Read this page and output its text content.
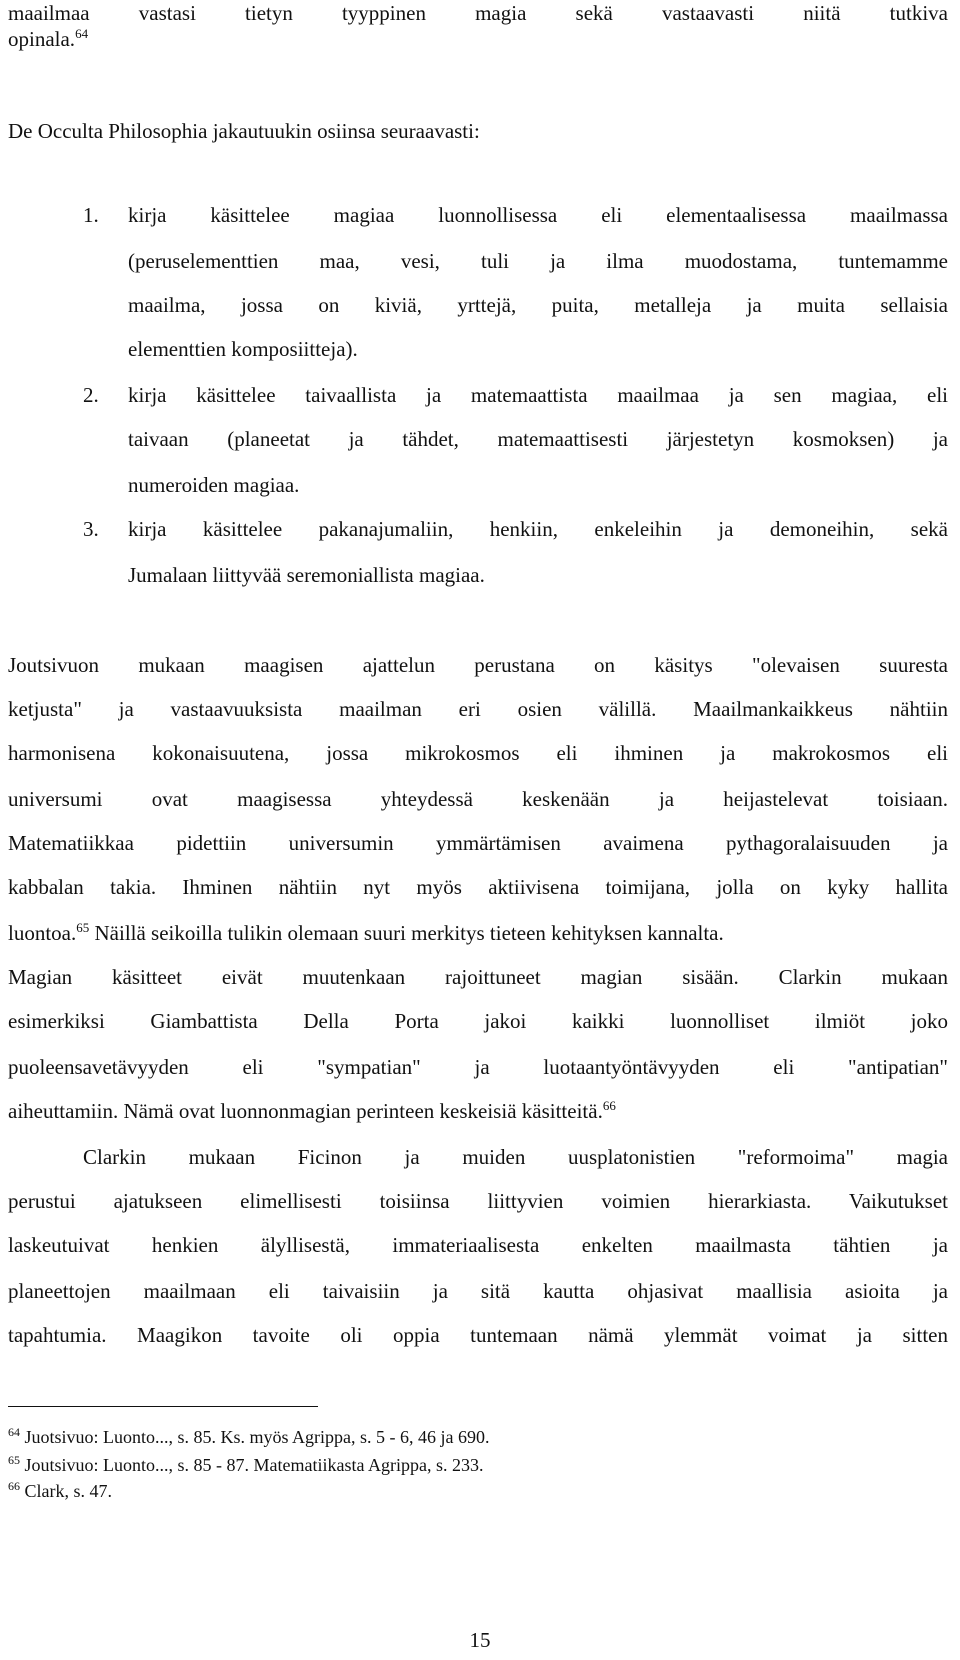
maailmaa vastasi tietyn tyyppinen magia sekä vastaavasti niitä tutkiva
opinala.$^{64}$
De Occulta Philosophia jakautuukin osiinsa seuraavasti:
1. kirja käsittelee magiaa luonnollisessa eli elementaalisessa maailmassa
(peruselementtien maa, vesi, tuli ja ilma muodostama, tuntemamme
maailma, jossa on kiviä, yrttejä, puita, metalleja ja muita sellaisia
elementtien komposiitteja).
2. kirja käsittelee taivaallista ja matemaattista maailmaa ja sen magiaa, eli
taivaan (planeetat ja tähdet, matemaattisesti järjestetyn kosmoksen) ja
numeroiden magiaa.
3. kirja käsittelee pakanajumaliin, henkiin, enkeleihin ja demoneihin, sekä
Jumalaan liittyvää seremoniallista magiaa.
Joutsivuon mukaan maagisen ajattelun perustana on käsitys "olevaisen suuresta
ketjusta" ja vastaavuuksista maailman eri osien välillä. Maailmankaikkeus nähtiin
harmonisena kokonaisuutena, jossa mikrokosmos eli ihminen ja makrokosmos eli
universumi ovat maagisessa yhteydessä keskenään ja heijastelevat toisiaan.
Matematiikkaa pidettiin universumin ymmärtämisen avaimena pythagoralaisuuden ja
kabbalan takia. Ihminen nähtiin nyt myös aktiivisena toimijana, jolla on kyky hallita
luontoa.$^{65}$ Näillä seikoilla tulikin olemaan suuri merkitys tieteen kehityksen kannalta.
Magian käsitteet eivät muutenkaan rajoittuneet magian sisään. Clarkin mukaan
esimerkiksi Giambattista Della Porta jakoi kaikki luonnolliset ilmiöt joko
puoleensavetävyyden eli "sympatian" ja luotaantyöntävyyden eli "antipatian"
aiheuttamiin. Nämä ovat luonnonmagian perinteen keskeisiä käsitteitä.$^{66}$
Clarkin mukaan Ficinon ja muiden uusplatonistien "reformoima" magia
perustui ajatukseen elimellisesti toisiinsa liittyvien voimien hierarkiasta. Vaikutukset
laskeutuivat henkien älyllisestä, immateriaalisesta enkelten maailmasta tähtien ja
planeettojen maailmaan eli taivaisiin ja sitä kautta ohjasivat maallisia asioita ja
tapahtumia. Maagikon tavoite oli oppia tuntemaan nämä ylemmät voimat ja sitten
$^{64}$ Juotsivuo: Luonto..., s. 85. Ks. myös Agrippa, s. 5 - 6, 46 ja 690.
$^{65}$ Joutsivuo: Luonto..., s. 85 - 87. Matematiikasta Agrippa, s. 233.
$^{66}$ Clark, s. 47.
15
